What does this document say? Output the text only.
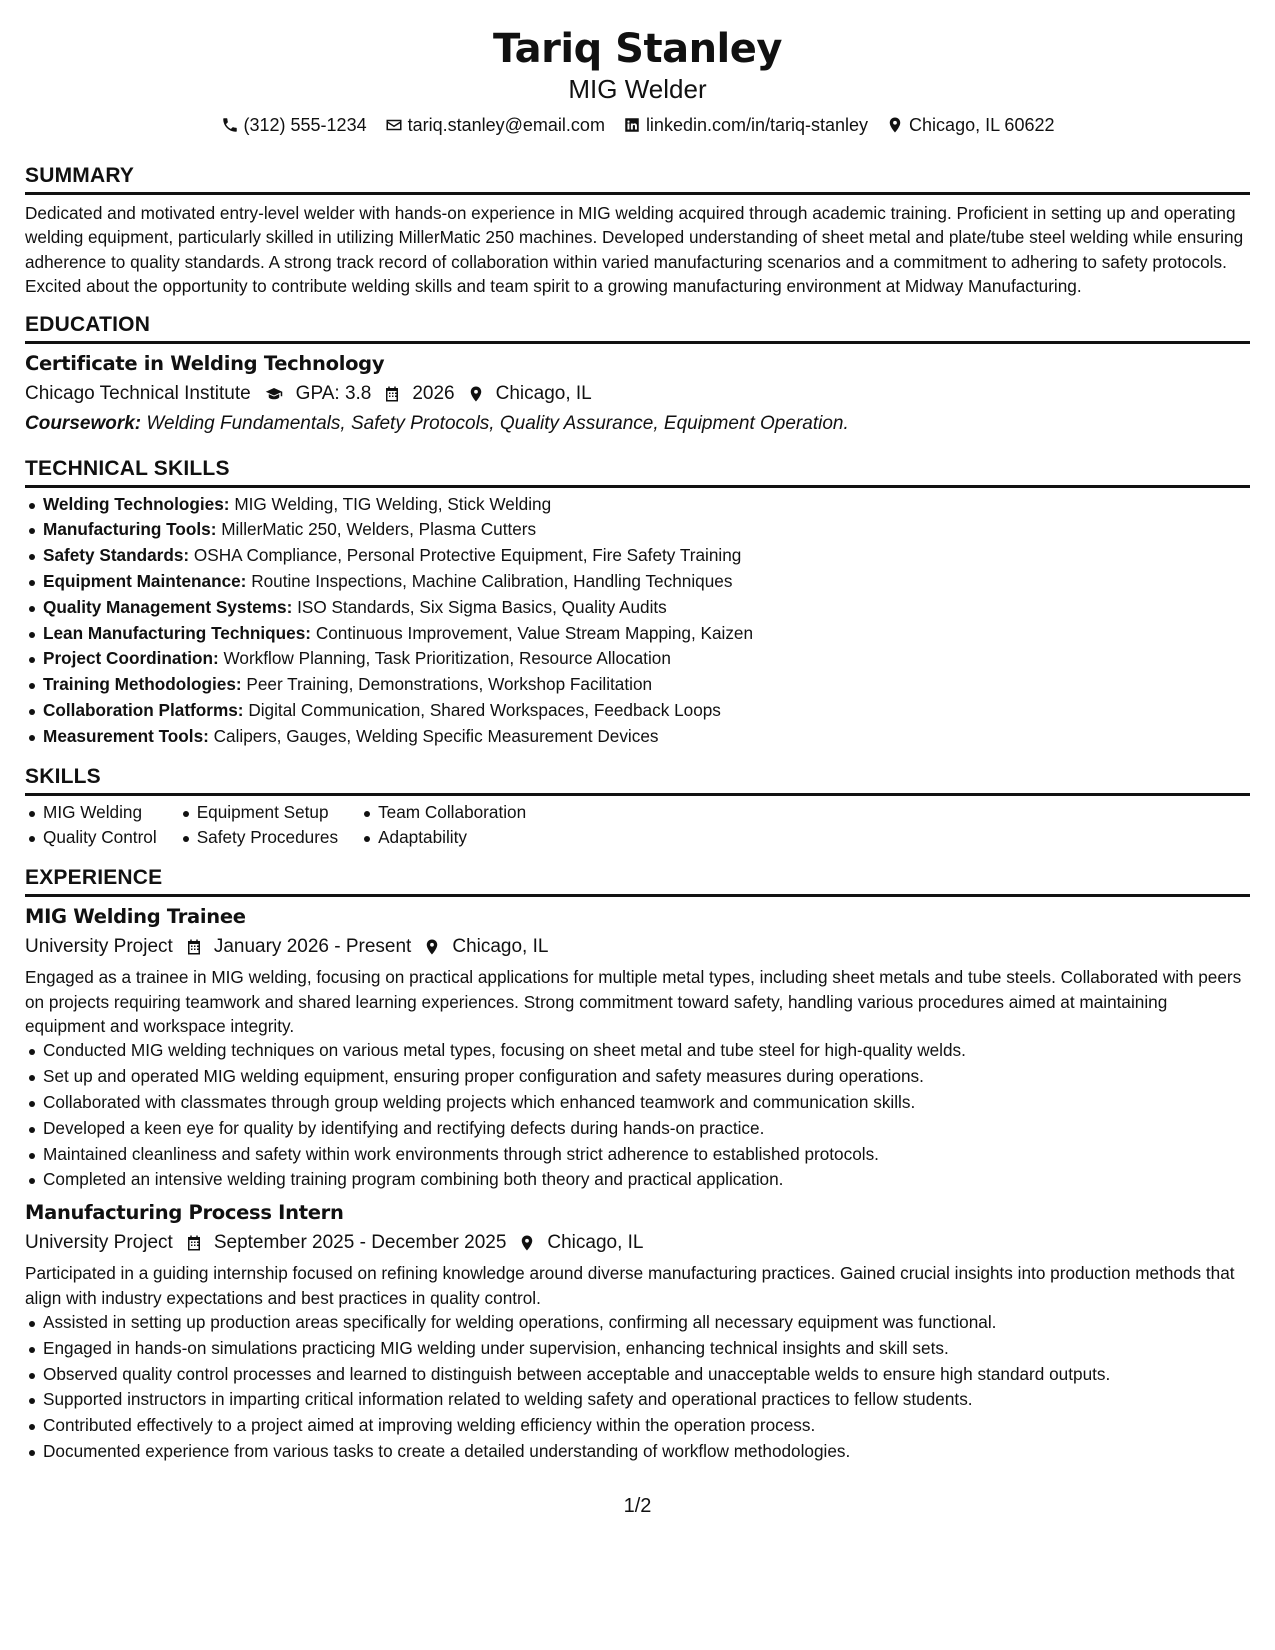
Tariq Stanley
MIG Welder
(312) 555-1234 tariq.stanley@email.com linkedin.com/in/tariq-stanley Chicago, IL 60622
SUMMARY
Dedicated and motivated entry-level welder with hands-on experience in MIG welding acquired through academic training. Proficient in setting up and operating welding equipment, particularly skilled in utilizing MillerMatic 250 machines. Developed understanding of sheet metal and plate/tube steel welding while ensuring adherence to quality standards. A strong track record of collaboration within varied manufacturing scenarios and a commitment to adhering to safety protocols. Excited about the opportunity to contribute welding skills and team spirit to a growing manufacturing environment at Midway Manufacturing.
EDUCATION
Certificate in Welding Technology
Chicago Technical Institute GPA: 3.8 2026 Chicago, IL
Coursework: Welding Fundamentals, Safety Protocols, Quality Assurance, Equipment Operation.
TECHNICAL SKILLS
Welding Technologies: MIG Welding, TIG Welding, Stick Welding
Manufacturing Tools: MillerMatic 250, Welders, Plasma Cutters
Safety Standards: OSHA Compliance, Personal Protective Equipment, Fire Safety Training
Equipment Maintenance: Routine Inspections, Machine Calibration, Handling Techniques
Quality Management Systems: ISO Standards, Six Sigma Basics, Quality Audits
Lean Manufacturing Techniques: Continuous Improvement, Value Stream Mapping, Kaizen
Project Coordination: Workflow Planning, Task Prioritization, Resource Allocation
Training Methodologies: Peer Training, Demonstrations, Workshop Facilitation
Collaboration Platforms: Digital Communication, Shared Workspaces, Feedback Loops
Measurement Tools: Calipers, Gauges, Welding Specific Measurement Devices
SKILLS
MIG Welding
Quality Control
Equipment Setup
Safety Procedures
Team Collaboration
Adaptability
EXPERIENCE
MIG Welding Trainee
University Project January 2026 - Present Chicago, IL
Engaged as a trainee in MIG welding, focusing on practical applications for multiple metal types, including sheet metals and tube steels. Collaborated with peers on projects requiring teamwork and shared learning experiences. Strong commitment toward safety, handling various procedures aimed at maintaining equipment and workspace integrity.
Conducted MIG welding techniques on various metal types, focusing on sheet metal and tube steel for high-quality welds.
Set up and operated MIG welding equipment, ensuring proper configuration and safety measures during operations.
Collaborated with classmates through group welding projects which enhanced teamwork and communication skills.
Developed a keen eye for quality by identifying and rectifying defects during hands-on practice.
Maintained cleanliness and safety within work environments through strict adherence to established protocols.
Completed an intensive welding training program combining both theory and practical application.
Manufacturing Process Intern
University Project September 2025 - December 2025 Chicago, IL
Participated in a guiding internship focused on refining knowledge around diverse manufacturing practices. Gained crucial insights into production methods that align with industry expectations and best practices in quality control.
Assisted in setting up production areas specifically for welding operations, confirming all necessary equipment was functional.
Engaged in hands-on simulations practicing MIG welding under supervision, enhancing technical insights and skill sets.
Observed quality control processes and learned to distinguish between acceptable and unacceptable welds to ensure high standard outputs.
Supported instructors in imparting critical information related to welding safety and operational practices to fellow students.
Contributed effectively to a project aimed at improving welding efficiency within the operation process.
Documented experience from various tasks to create a detailed understanding of workflow methodologies.
1/2
